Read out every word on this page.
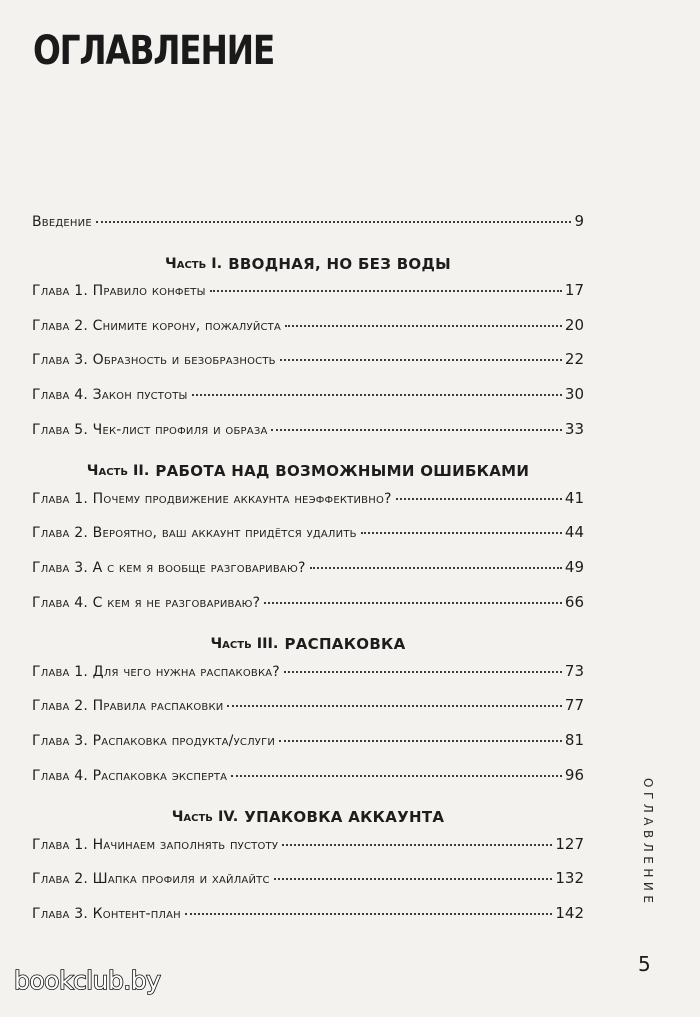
ОГЛАВЛЕНИЕ
Введение	9
Часть I. ВВОДНАЯ, НО БЕЗ ВОДЫ
Глава 1. Правило конфеты	17
Глава 2. Снимите корону, пожалуйста	20
Глава 3. Образность и безобразность	22
Глава 4. Закон пустоты	30
Глава 5. Чек-лист профиля и образа	33
Часть II. РАБОТА НАД ВОЗМОЖНЫМИ ОШИБКАМИ
Глава 1. Почему продвижение аккаунта неэффективно?	41
Глава 2. Вероятно, ваш аккаунт придётся удалить	44
Глава 3. А с кем я вообще разговариваю?	49
Глава 4. С кем я не разговариваю?	66
Часть III. РАСПАКОВКА
Глава 1. Для чего нужна распаковка?	73
Глава 2. Правила распаковки	77
Глава 3. Распаковка продукта/услуги	81
Глава 4. Распаковка эксперта	96
Часть IV. УПАКОВКА АККАУНТА
Глава 1. Начинаем заполнять пустоту	127
Глава 2. Шапка профиля и хайлайтс	132
Глава 3. Контент-план	142
ОГЛАВЛЕНИЕ
5
bookclub.by
